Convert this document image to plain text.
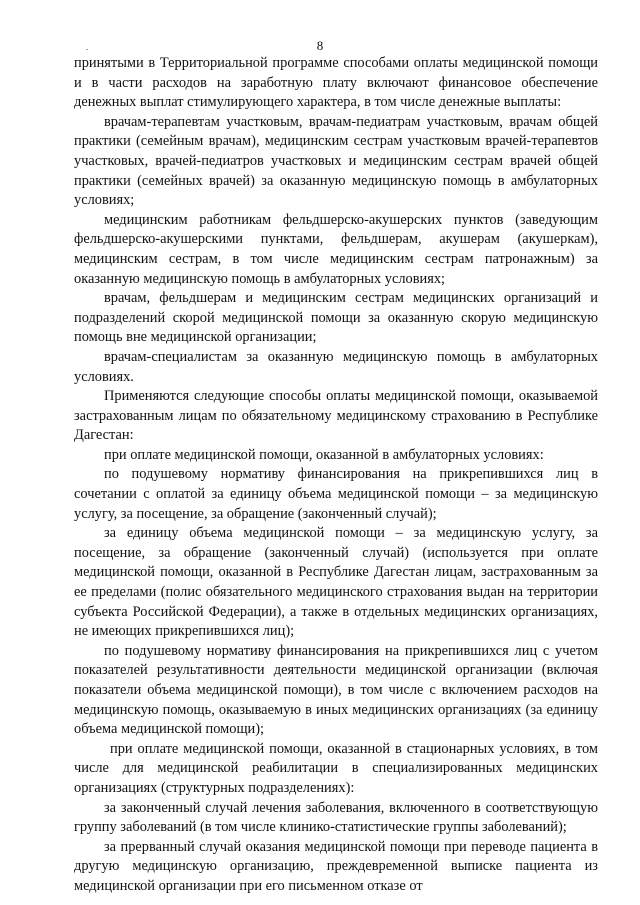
.	8

принятыми в Территориальной программе способами оплаты медицинской помощи и в части расходов на заработную плату включают финансовое обеспечение денежных выплат стимулирующего характера, в том числе денежные выплаты:

врачам-терапевтам участковым, врачам-педиатрам участковым, врачам общей практики (семейным врачам), медицинским сестрам участковым врачей-терапевтов участковых, врачей-педиатров участковых и медицинским сестрам врачей общей практики (семейных врачей) за оказанную медицинскую помощь в амбулаторных условиях;

медицинским работникам фельдшерско-акушерских пунктов (заведующим фельдшерско-акушерскими пунктами, фельдшерам, акушерам (акушеркам), медицинским сестрам, в том числе медицинским сестрам патронажным) за оказанную медицинскую помощь в амбулаторных условиях;

врачам, фельдшерам и медицинским сестрам медицинских организаций и подразделений скорой медицинской помощи за оказанную скорую медицинскую помощь вне медицинской организации;

врачам-специалистам за оказанную медицинскую помощь в амбулаторных условиях.

Применяются следующие способы оплаты медицинской помощи, оказываемой застрахованным лицам по обязательному медицинскому страхованию в Республике Дагестан:

при оплате медицинской помощи, оказанной в амбулаторных условиях:

по подушевому нормативу финансирования на прикрепившихся лиц в сочетании с оплатой за единицу объема медицинской помощи – за медицинскую услугу, за посещение, за обращение (законченный случай);

за единицу объема медицинской помощи – за медицинскую услугу, за посещение, за обращение (законченный случай) (используется при оплате медицинской помощи, оказанной в Республике Дагестан лицам, застрахованным за ее пределами (полис обязательного медицинского страхования выдан на территории субъекта Российской Федерации), а также в отдельных медицинских организациях, не имеющих прикрепившихся лиц);

по подушевому нормативу финансирования на прикрепившихся лиц с учетом показателей результативности деятельности медицинской организации (включая показатели объема медицинской помощи), в том числе с включением расходов на медицинскую помощь, оказываемую в иных медицинских организациях (за единицу объема медицинской помощи);

при оплате медицинской помощи, оказанной в стационарных условиях, в том числе для медицинской реабилитации в специализированных медицинских организациях (структурных подразделениях):

за законченный случай лечения заболевания, включенного в соответствующую группу заболеваний (в том числе клинико-статистические группы заболеваний);

за прерванный случай оказания медицинской помощи при переводе пациента в другую медицинскую организацию, преждевременной выписке пациента из медицинской организации при его письменном отказе от
